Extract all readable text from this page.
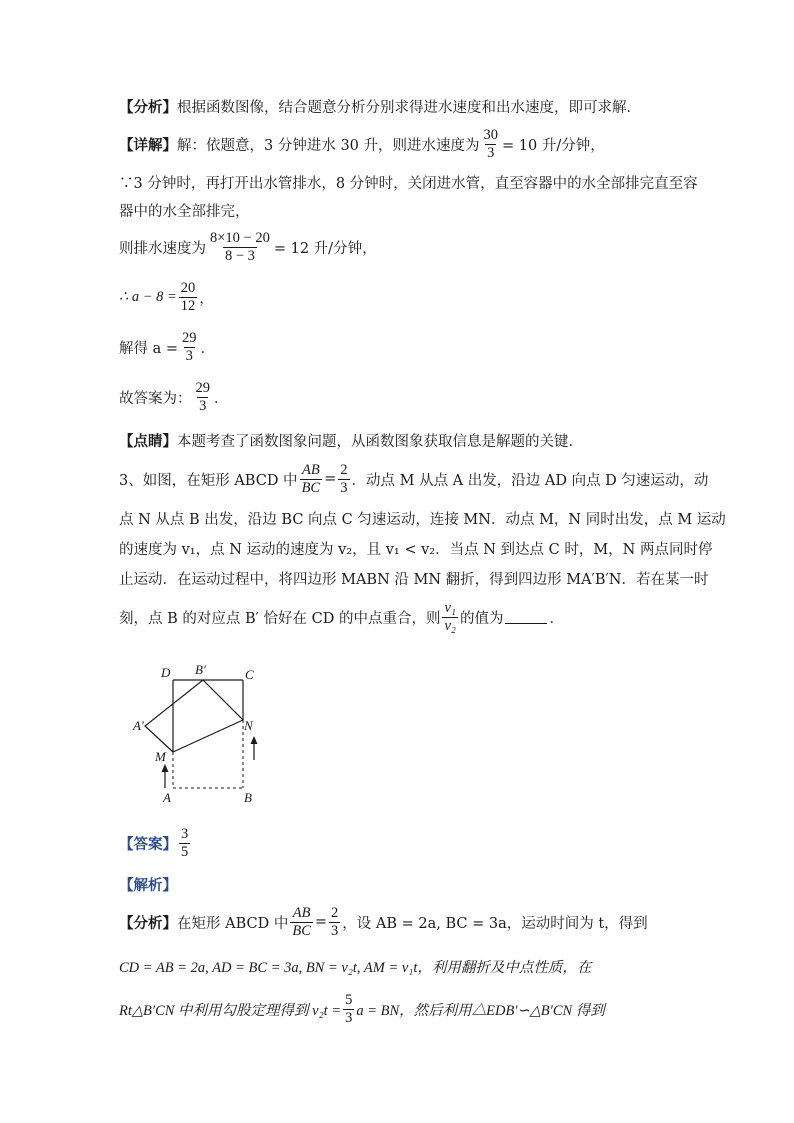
【分析】 根据函数图像，结合题意分析分别求得进水速度和出水速度，即可求解．
【详解】 解：依题意，3 分钟进水 30 升，则进水速度为 $\frac{30}{3} = 10$ 升/分钟，
∵3 分钟时，再打开出水管排水，8 分钟时，关闭进水管，直至容器中的水全部排完直至容
器中的水全部排完，
则排水速度为 $\frac{8\times 10 - 20}{8 - 3} = 12$ 升/分钟，
∴ $a - 8 = \frac{20}{12}$ ，
解得 $a = \frac{29}{3}$ ．
故答案为： $\frac{29}{3}$ ．
【点睛】 本题考查了函数图象问题，从函数图象获取信息是解题的关键．
3、如图，在矩形 ABCD 中 $\frac{AB}{BC} = \frac{2}{3}$ ．动点 M 从点 A 出发，沿边 AD 向点 D 匀速运动，动
点 N 从点 B 出发，沿边 BC 向点 C 匀速运动，连接 MN．动点 M，N 同时出发，点 M 运动
的速度为 v₁，点 N 运动的速度为 v₂，且 v₁ < v₂．当点 N 到达点 C 时，M，N 两点同时停
止运动．在运动过程中，将四边形 MABN 沿 MN 翻折，得到四边形 MA′B′N．若在某一时
刻，点 B 的对应点 B′ 恰好在 CD 的中点重合，则 $\frac{\text{v₁}}{\text{v₂}}$ 的值为	．
D B′	C
A′	N
M
A	B
【答案】 $\frac{3}{5}$
【解析】
【分析】 在矩形 ABCD 中 $\frac{AB}{BC} = \frac{2}{3}$ ，设 AB = 2a, BC = 3a，运动时间为 t，得到
CD = AB = 2a, AD = BC = 3a, BN = v₂t, AM = v₁t，利用翻折及中点性质，在
Rt△B′CN 中利用勾股定理得到 $v_2t = \frac{5}{3}$ a = BN，然后利用△EDB′∽△B′CN 得到
